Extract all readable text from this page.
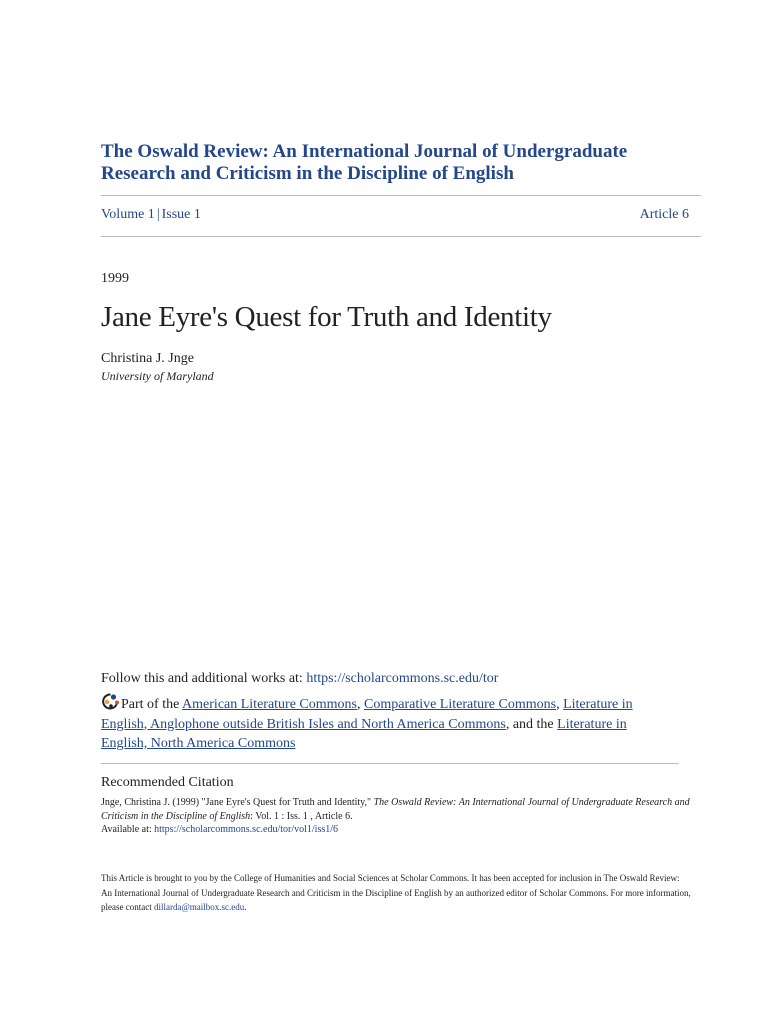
The Oswald Review: An International Journal of Undergraduate Research and Criticism in the Discipline of English
Volume 1 | Issue 1	Article 6
1999
Jane Eyre's Quest for Truth and Identity
Christina J. Jnge
University of Maryland
Follow this and additional works at: https://scholarcommons.sc.edu/tor
Part of the American Literature Commons, Comparative Literature Commons, Literature in English, Anglophone outside British Isles and North America Commons, and the Literature in English, North America Commons
Recommended Citation
Jnge, Christina J. (1999) "Jane Eyre's Quest for Truth and Identity," The Oswald Review: An International Journal of Undergraduate Research and Criticism in the Discipline of English: Vol. 1 : Iss. 1 , Article 6.
Available at: https://scholarcommons.sc.edu/tor/vol1/iss1/6
This Article is brought to you by the College of Humanities and Social Sciences at Scholar Commons. It has been accepted for inclusion in The Oswald Review: An International Journal of Undergraduate Research and Criticism in the Discipline of English by an authorized editor of Scholar Commons. For more information, please contact dillarda@mailbox.sc.edu.
